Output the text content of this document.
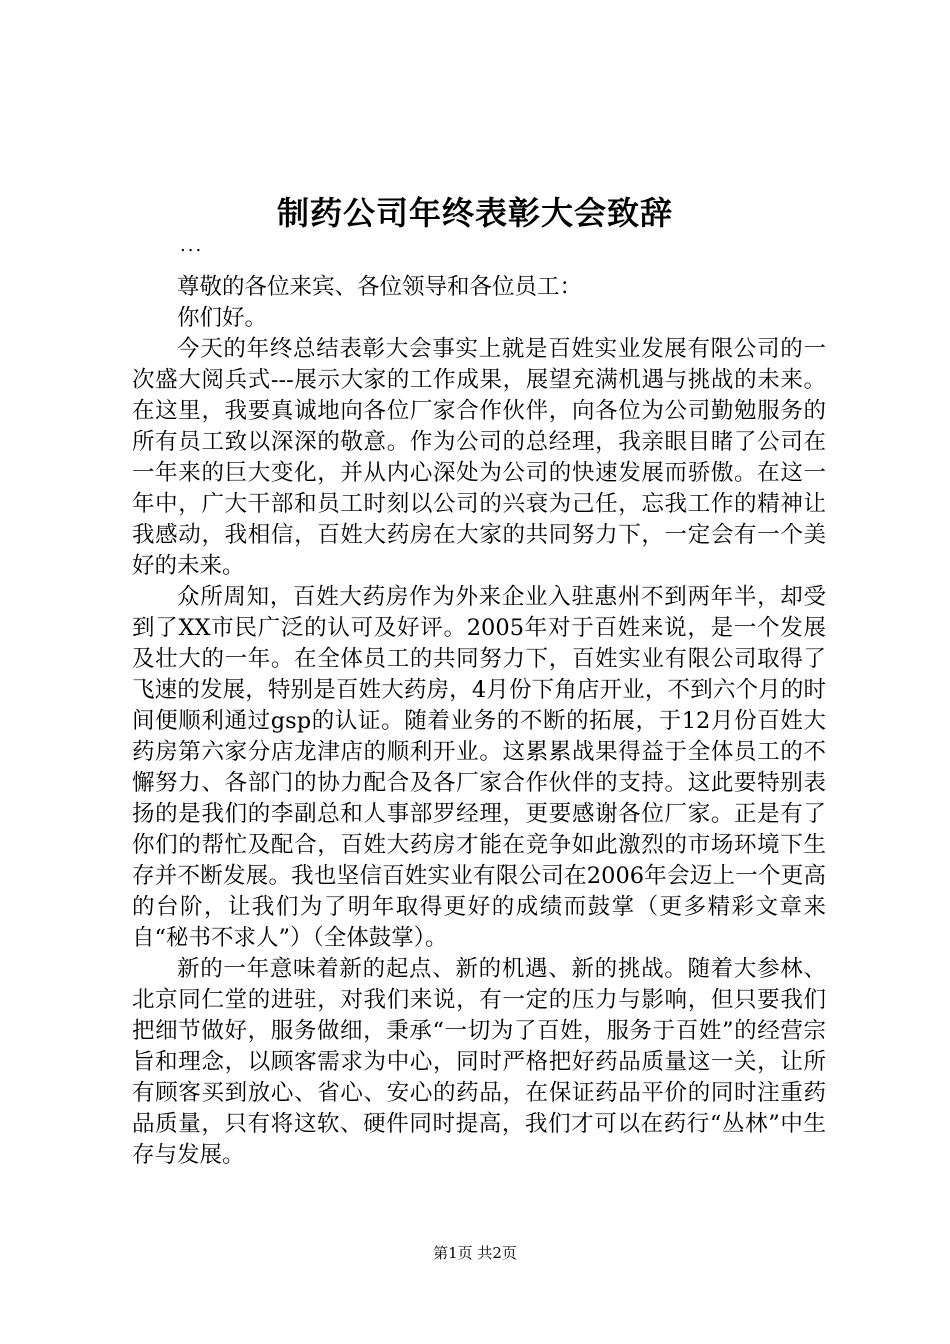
制药公司年终表彰大会致辞
...

尊敬的各位来宾、各位领导和各位员工：

你们好。

今天的年终总结表彰大会事实上就是百姓实业发展有限公司的一次盛大阅兵式---展示大家的工作成果，展望充满机遇与挑战的未来。在这里，我要真诚地向各位厂家合作伙伴，向各位为公司勤勉服务的所有员工致以深深的敬意。作为公司的总经理，我亲眼目睹了公司在一年来的巨大变化，并从内心深处为公司的快速发展而骄傲。在这一年中，广大干部和员工时刻以公司的兴衰为己任，忘我工作的精神让我感动，我相信，百姓大药房在大家的共同努力下，一定会有一个美好的未来。

众所周知，百姓大药房作为外来企业入驻惠州不到两年半，却受到了XX市民广泛的认可及好评。2005年对于百姓来说，是一个发展及壮大的一年。在全体员工的共同努力下，百姓实业有限公司取得了飞速的发展，特别是百姓大药房，4月份下角店开业，不到六个月的时间便顺利通过gsp的认证。随着业务的不断的拓展，于12月份百姓大药房第六家分店龙津店的顺利开业。这累累战果得益于全体员工的不懈努力、各部门的协力配合及各厂家合作伙伴的支持。这此要特别表扬的是我们的李副总和人事部罗经理，更要感谢各位厂家。正是有了你们的帮忙及配合，百姓大药房才能在竞争如此激烈的市场环境下生存并不断发展。我也坚信百姓实业有限公司在2006年会迈上一个更高的台阶，让我们为了明年取得更好的成绩而鼓掌（更多精彩文章来自“秘书不求人”）（全体鼓掌）。

新的一年意味着新的起点、新的机遇、新的挑战。随着大参林、北京同仁堂的进驻，对我们来说，有一定的压力与影响，但只要我们把细节做好，服务做细，秉承“一切为了百姓，服务于百姓”的经营宗旨和理念，以顾客需求为中心，同时严格把好药品质量这一关，让所有顾客买到放心、省心、安心的药品，在保证药品平价的同时注重药品质量，只有将这软、硬件同时提高，我们才可以在药行“丛林”中生存与发展。

第1页 共2页
